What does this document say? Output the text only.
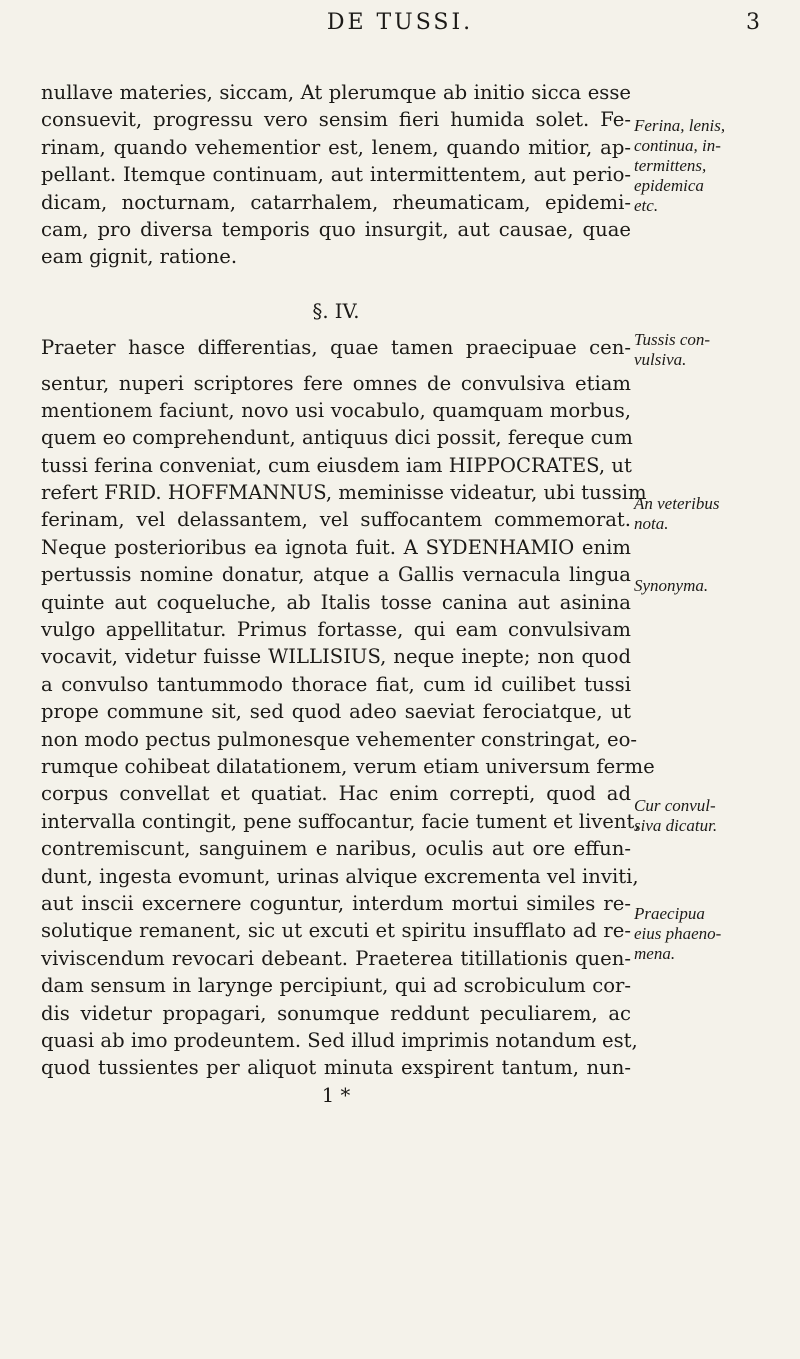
DE TUSSI.	3
nullave materies, siccam, At plerumque ab initio sicca esse
consuevit, progressu vero sensim fieri humida solet. Fe-
rinam, quando vehementior est, lenem, quando mitior, ap-
pellant. Itemque continuam, aut intermittentem, aut perio-
dicam, nocturnam, catarrhalem, rheumaticam, epidemi-
cam, pro diversa temporis quo insurgit, aut causae, quae
eam gignit, ratione.
§. IV.
Praeter hasce differentias, quae tamen praecipuae cen-
sentur, nuperi scriptores fere omnes de convulsiva etiam
mentionem faciunt, novo usi vocabulo, quamquam morbus,
quem eo comprehendunt, antiquus dici possit, fereque cum
tussi ferina conveniat, cum eiusdem iam HIPPOCRATES, ut
refert FRID. HOFFMANNUS, meminisse videatur, ubi tussim
ferinam, vel delassantem, vel suffocantem commemorat.
Neque posterioribus ea ignota fuit. A SYDENHAMIO enim
pertussis nomine donatur, atque a Gallis vernacula lingua
quinte aut coqueluche, ab Italis tosse canina aut asinina
vulgo appellitatur. Primus fortasse, qui eam convulsivam
vocavit, videtur fuisse WILLISIUS, neque inepte; non quod
a convulso tantummodo thorace fiat, cum id cuilibet tussi
prope commune sit, sed quod adeo saeviat ferociatque, ut
non modo pectus pulmonesque vehementer constringat, eo-
rumque cohibeat dilatationem, verum etiam universum ferme
corpus convellat et quatiat. Hac enim correpti, quod ad
intervalla contingit, pene suffocantur, facie tument et livent,
contremiscunt, sanguinem e naribus, oculis aut ore effun-
dunt, ingesta evomunt, urinas alvique excrementa vel inviti,
aut inscii excernere coguntur, interdum mortui similes re-
solutique remanent, sic ut excuti et spiritu insufflato ad re-
viviscendum revocari debeant. Praeterea titillationis quen-
dam sensum in larynge percipiunt, qui ad scrobiculum cor-
dis videtur propagari, sonumque reddunt peculiarem, ac
quasi ab imo prodeuntem. Sed illud imprimis notandum est,
quod tussientes per aliquot minuta exspirent tantum, nun-
1 *
Ferina, lenis,
continua, in-
termittens,
epidemica
etc.
Tussis con-
vulsiva.
An veteribus
nota.
Synonyma.
Cur convul-
siva dicatur.
Praecipua
eius phaeno-
mena.
